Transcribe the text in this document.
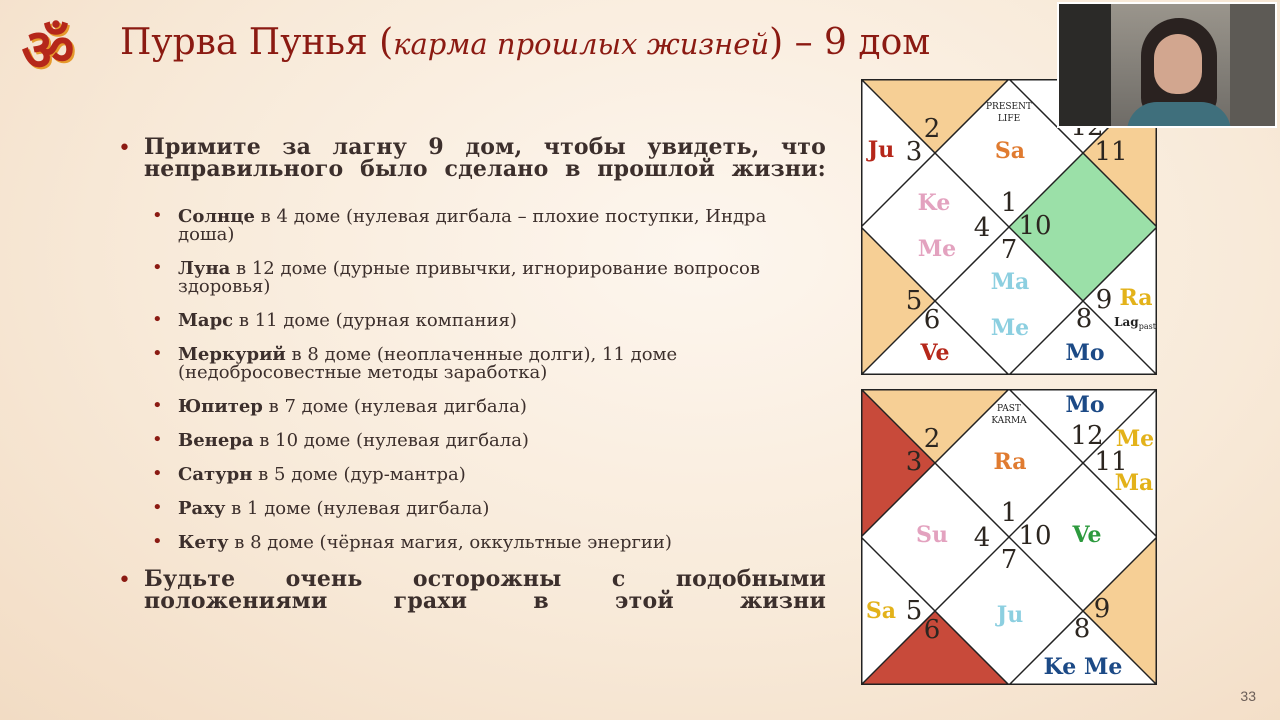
ॐ Пурва Пунья (карма прошлых жизней) – 9 дом
• Примите за лагну 9 дом, чтобы увидеть, что неправильного было сделано в прошлой жизни:
• Солнце в 4 доме (нулевая дигбала – плохие поступки, Индра доша)
• Луна в 12 доме (дурные привычки, игнорирование вопросов здоровья)
• Марс в 11 доме (дурная компания)
• Меркурий в 8 доме (неоплаченные долги), 11 доме (недобросовестные методы заработка)
• Юпитер в 7 доме (нулевая дигбала)
• Венера в 10 доме (нулевая дигбала)
• Сатурн в 5 доме (дур-мантра)
• Раху в 1 доме (нулевая дигбала)
• Кету в 8 доме (чёрная магия, оккультные энергии)
• Будьте очень осторожны с подобными положениями грахи в этой жизни
PRESENT
LIFE
Sa
Ju
2
3	11
Ke
Me
1
4 10
7
Ma
Me
5
6
9
8
Ra
Lag$_{past}$
Ve	Mo
PAST
KARMA
Ra
Mo
2
3
12
11
Me
Ma
Su
1
4 10
7
Ve
Sa 5
6	Ju	9
8
Ke Me
33
